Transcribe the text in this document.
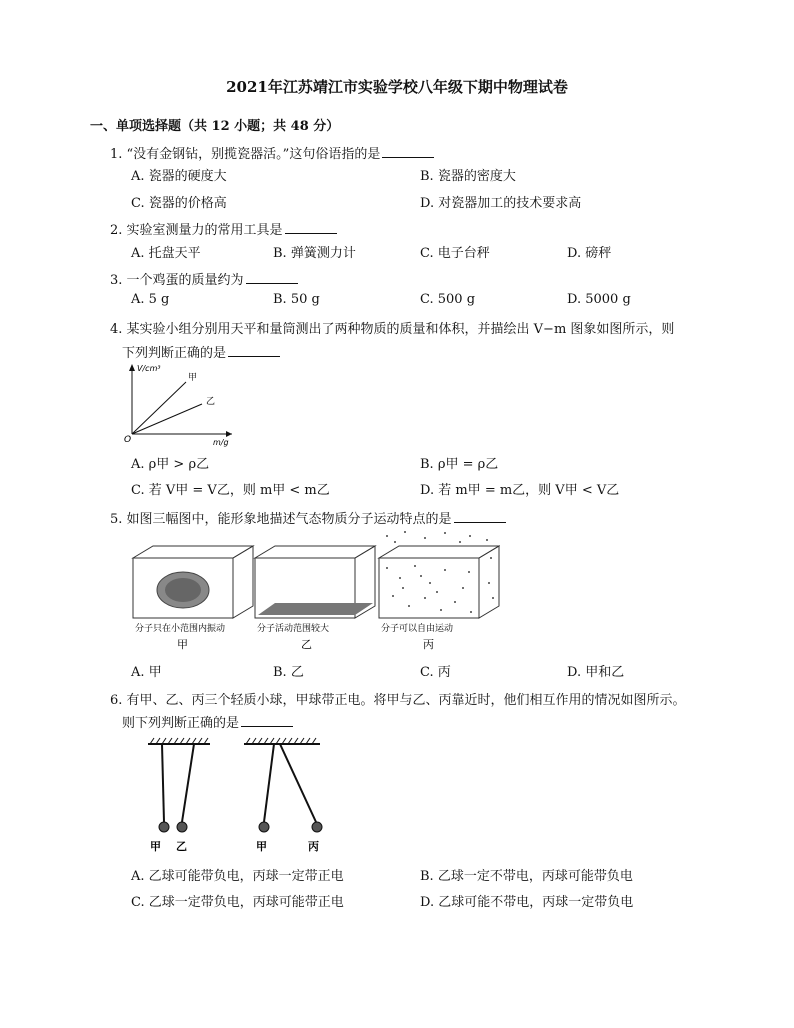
2021年江苏靖江市实验学校八年级下期中物理试卷
一、单项选择题（共 12 小题；共 48 分）
1. “没有金钢钻，别揽瓷器活。”这句俗语指的是
A. 瓷器的硬度大	B. 瓷器的密度大
C. 瓷器的价格高	D. 对瓷器加工的技术要求高
2. 实验室测量力的常用工具是
A. 托盘天平	B. 弹簧测力计	C. 电子台秤	D. 磅秤
3. 一个鸡蛋的质量约为
A. 5 g	B. 50 g	C. 500 g	D. 5000 g
4. 某实验小组分别用天平和量筒测出了两种物质的质量和体积，并描绘出 V−m 图象如图所示，则
下列判断正确的是
V/cm³
m/g
O
甲
乙
A. ρ甲 > ρ乙	B. ρ甲 = ρ乙
C. 若 V甲 = V乙，则 m甲 < m乙	D. 若 m甲 = m乙，则 V甲 < V乙
5. 如图三幅图中，能形象地描述气态物质分子运动特点的是
分子只在小范围内振动	分子活动范围较大	分子可以自由运动
甲	乙	丙
A. 甲	B. 乙	C. 丙	D. 甲和乙
6. 有甲、乙、丙三个轻质小球，甲球带正电。将甲与乙、丙靠近时，他们相互作用的情况如图所示。
则下列判断正确的是
甲 乙	甲	丙
A. 乙球可能带负电，丙球一定带正电	B. 乙球一定不带电，丙球可能带负电
C. 乙球一定带负电，丙球可能带正电	D. 乙球可能不带电，丙球一定带负电
